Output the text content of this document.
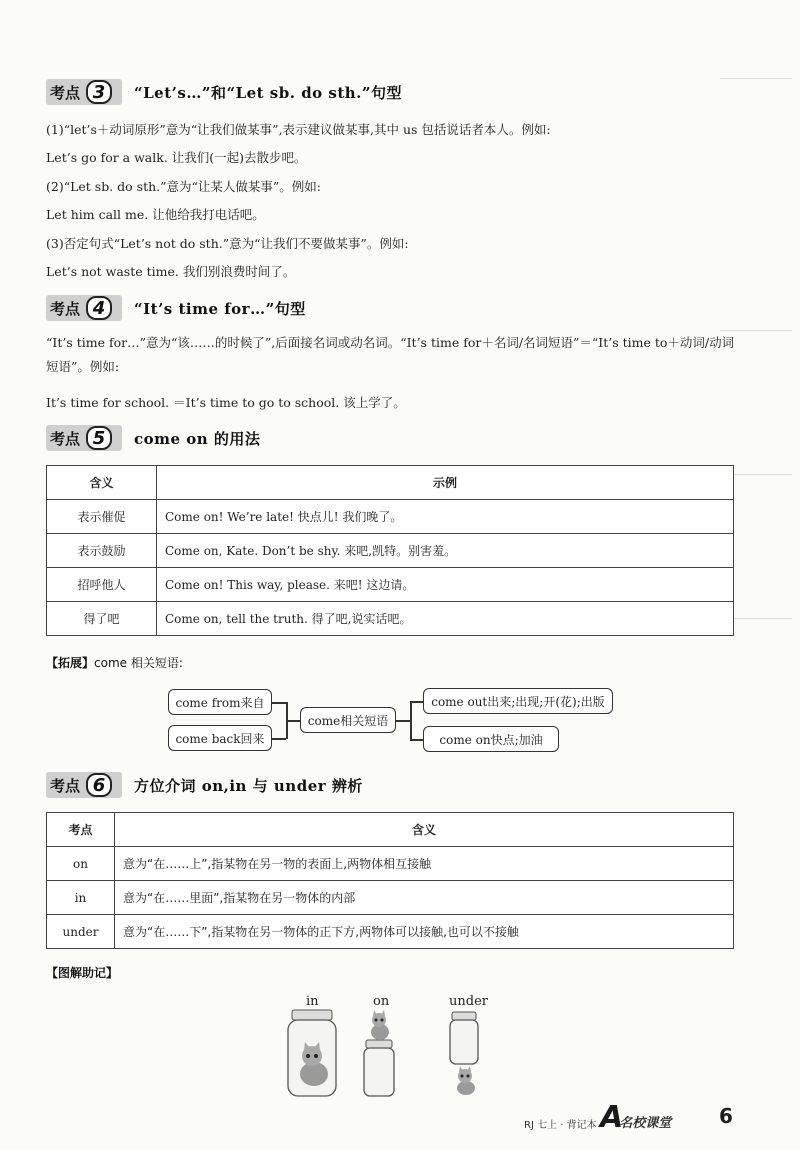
考点 3	“Let’s…”和“Let sb. do sth.”句型
(1)“let’s＋动词原形”意为“让我们做某事”,表示建议做某事,其中 us 包括说话者本人。例如:
Let’s go for a walk. 让我们(一起)去散步吧。
(2)“Let sb. do sth.”意为“让某人做某事”。例如:
Let him call me. 让他给我打电话吧。
(3)否定句式“Let’s not do sth.”意为“让我们不要做某事”。例如:
Let’s not waste time. 我们别浪费时间了。
考点 4	“It’s time for…”句型
“It’s time for…”意为“该……的时候了”,后面接名词或动名词。“It’s time for＋名词/名词短语”＝“It’s time to＋动词/动词短语”。例如:
It’s time for school. ＝It’s time to go to school. 该上学了。
考点 5	come on 的用法
含义	示例
表示催促	Come on! We’re late! 快点儿! 我们晚了。
表示鼓励	Come on, Kate. Don’t be shy. 来吧,凯特。别害羞。
招呼他人	Come on! This way, please. 来吧! 这边请。
得了吧	Come on, tell the truth. 得了吧,说实话吧。
【拓展】come 相关短语:
come from来自
come back回来
come相关短语
come out出来;出现;开(花);出版
come on快点;加油
考点 6	方位介词 on,in 与 under 辨析
考点	含义
on	意为“在……上”,指某物在另一物的表面上,两物体相互接触
in	意为“在……里面”,指某物在另一物体的内部
under	意为“在……下”,指某物在另一物体的正下方,两物体可以接触,也可以不接触
【图解助记】
in	on	under
RJ 七上 · 背记本 A名校课堂 6
